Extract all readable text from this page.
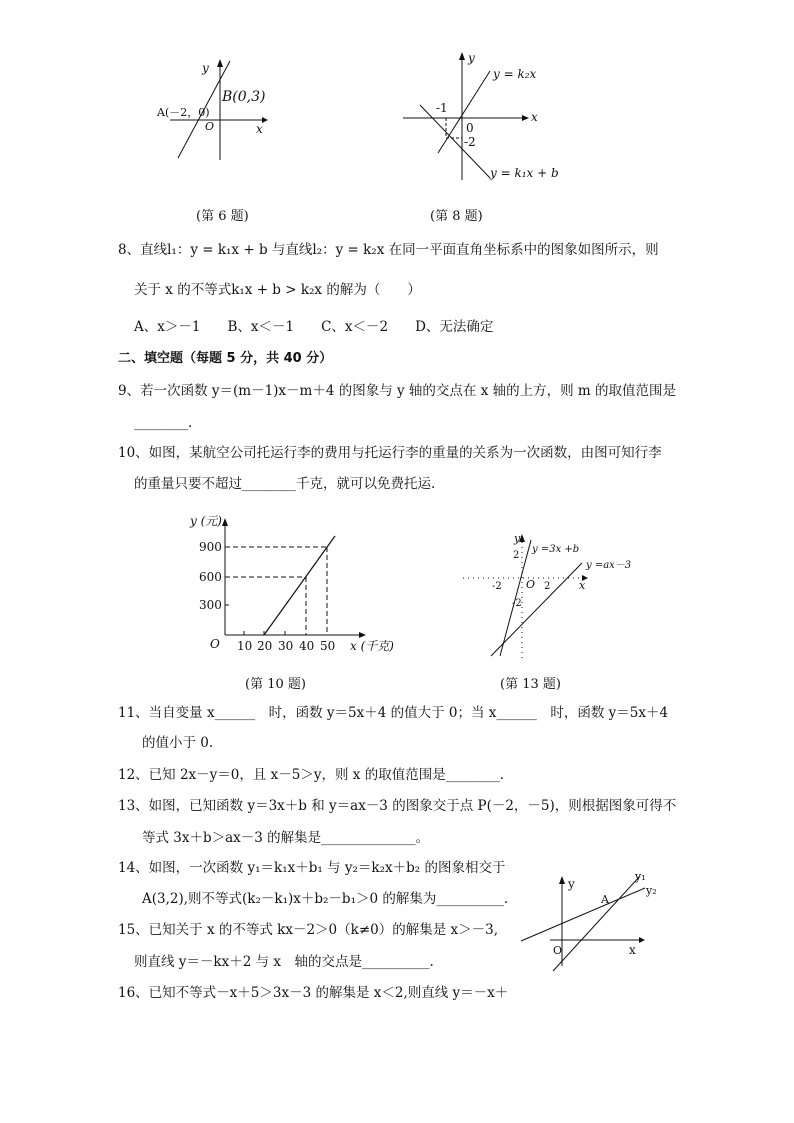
y
x
O
B(0,3)
A(－2，0)
(第 6 题)
y
x
0
-1
-2
y = k₂x
y = k₁x + b
(第 8 题)
8、直线l₁：y = k₁x + b 与直线l₂：y = k₂x 在同一平面直角坐标系中的图象如图所示，则
关于 x 的不等式k₁x + b > k₂x 的解为（　　）
A、x＞－1　　B、x＜－1　　C、x＜－2　　D、无法确定
二、填空题（每题 5 分，共 40 分）
9、若一次函数 y＝(m－1)x－m＋4 的图象与 y 轴的交点在 x 轴的上方，则 m 的取值范围是
________.
10、如图，某航空公司托运行李的费用与托运行李的重量的关系为一次函数，由图可知行李
的重量只要不超过________千克，就可以免费托运.
y (元)
x (千克)
O
900
600
300
10 20 30 40 50
(第 10 题)
y
x
O
y =3x +b
y =ax－3
2
-2
2
-2
(第 13 题)
11、当自变量 x______　时，函数 y＝5x＋4 的值大于 0；当 x______　时，函数 y＝5x＋4
的值小于 0.
12、已知 2x－y＝0，且 x－5＞y，则 x 的取值范围是________.
13、如图，已知函数 y＝3x＋b 和 y＝ax－3 的图象交于点 P(－2，－5)，则根据图象可得不
等式 3x＋b＞ax－3 的解集是______________。
14、如图，一次函数 y₁＝k₁x＋b₁ 与 y₂＝k₂x＋b₂ 的图象相交于
A(3,2),则不等式(k₂－k₁)x＋b₂－b₁＞0 的解集为__________.
y
x
O
A
y₁
y₂
15、已知关于 x 的不等式 kx－2＞0（k≠0）的解集是 x＞－3,
则直线 y＝－kx＋2 与 x　轴的交点是__________.
16、已知不等式－x＋5＞3x－3 的解集是 x＜2,则直线 y＝－x＋
